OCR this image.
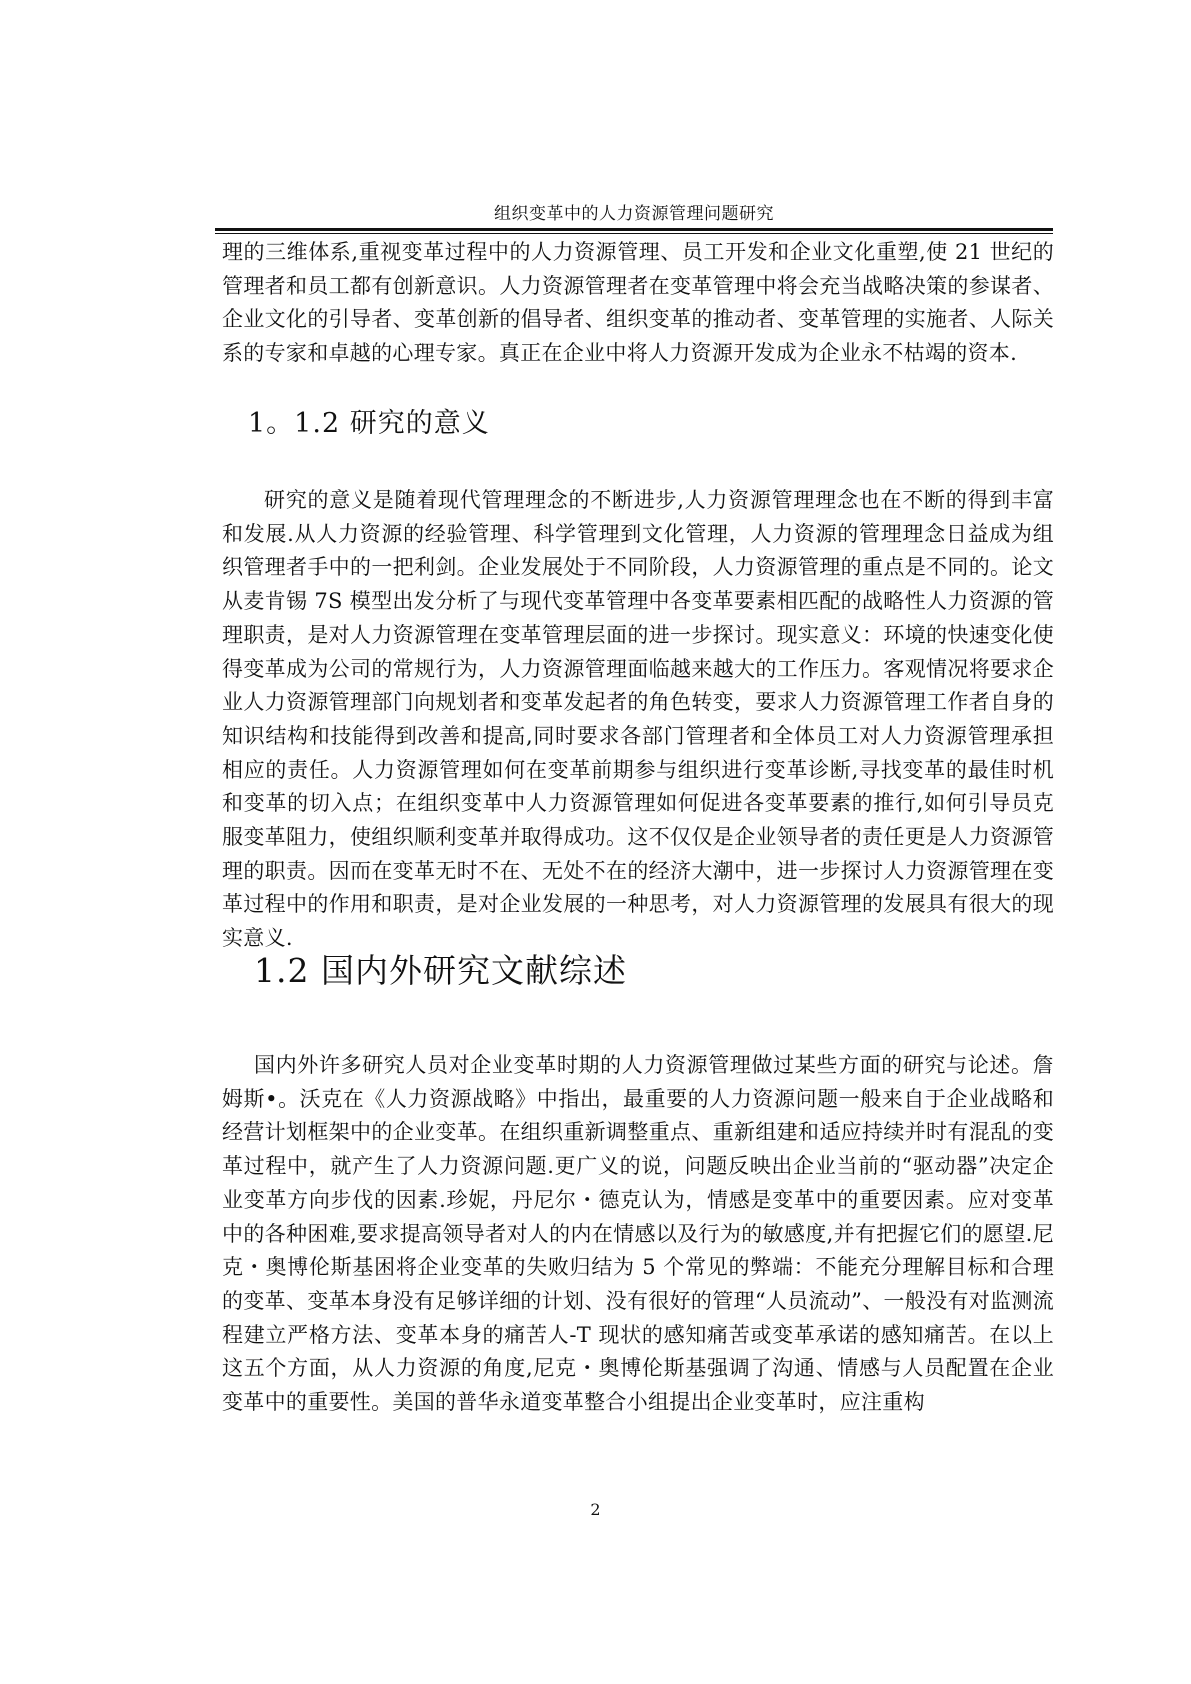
组织变革中的人力资源管理问题研究

理的三维体系,重视变革过程中的人力资源管理、员工开发和企业文化重塑,使 21 世纪的管理者和员工都有创新意识。人力资源管理者在变革管理中将会充当战略决策的参谋者、企业文化的引导者、变革创新的倡导者、组织变革的推动者、变革管理的实施者、人际关系的专家和卓越的心理专家。真正在企业中将人力资源开发成为企业永不枯竭的资本.

1。1.2 研究的意义

研究的意义是随着现代管理理念的不断进步,人力资源管理理念也在不断的得到丰富和发展.从人力资源的经验管理、科学管理到文化管理，人力资源的管理理念日益成为组织管理者手中的一把利剑。企业发展处于不同阶段，人力资源管理的重点是不同的。论文从麦肯锡 7S 模型出发分析了与现代变革管理中各变革要素相匹配的战略性人力资源的管理职责，是对人力资源管理在变革管理层面的进一步探讨。现实意义：环境的快速变化使得变革成为公司的常规行为，人力资源管理面临越来越大的工作压力。客观情况将要求企业人力资源管理部门向规划者和变革发起者的角色转变，要求人力资源管理工作者自身的知识结构和技能得到改善和提高,同时要求各部门管理者和全体员工对人力资源管理承担相应的责任。人力资源管理如何在变革前期参与组织进行变革诊断,寻找变革的最佳时机和变革的切入点；在组织变革中人力资源管理如何促进各变革要素的推行,如何引导员克服变革阻力，使组织顺利变革并取得成功。这不仅仅是企业领导者的责任更是人力资源管理的职责。因而在变革无时不在、无处不在的经济大潮中，进一步探讨人力资源管理在变革过程中的作用和职责，是对企业发展的一种思考，对人力资源管理的发展具有很大的现实意义.

1.2 国内外研究文献综述

国内外许多研究人员对企业变革时期的人力资源管理做过某些方面的研究与论述。詹姆斯•。沃克在《人力资源战略》中指出，最重要的人力资源问题一般来自于企业战略和经营计划框架中的企业变革。在组织重新调整重点、重新组建和适应持续并时有混乱的变革过程中，就产生了人力资源问题.更广义的说，问题反映出企业当前的“驱动器”决定企业变革方向步伐的因素.珍妮，丹尼尔・德克认为，情感是变革中的重要因素。应对变革中的各种困难,要求提高领导者对人的内在情感以及行为的敏感度,并有把握它们的愿望.尼克・奥博伦斯基困将企业变革的失败归结为 5 个常见的弊端：不能充分理解目标和合理的变革、变革本身没有足够详细的计划、没有很好的管理“人员流动”、一般没有对监测流程建立严格方法、变革本身的痛苦人-T 现状的感知痛苦或变革承诺的感知痛苦。在以上这五个方面，从人力资源的角度,尼克・奥博伦斯基强调了沟通、情感与人员配置在企业变革中的重要性。美国的普华永道变革整合小组提出企业变革时，应注重构

2
